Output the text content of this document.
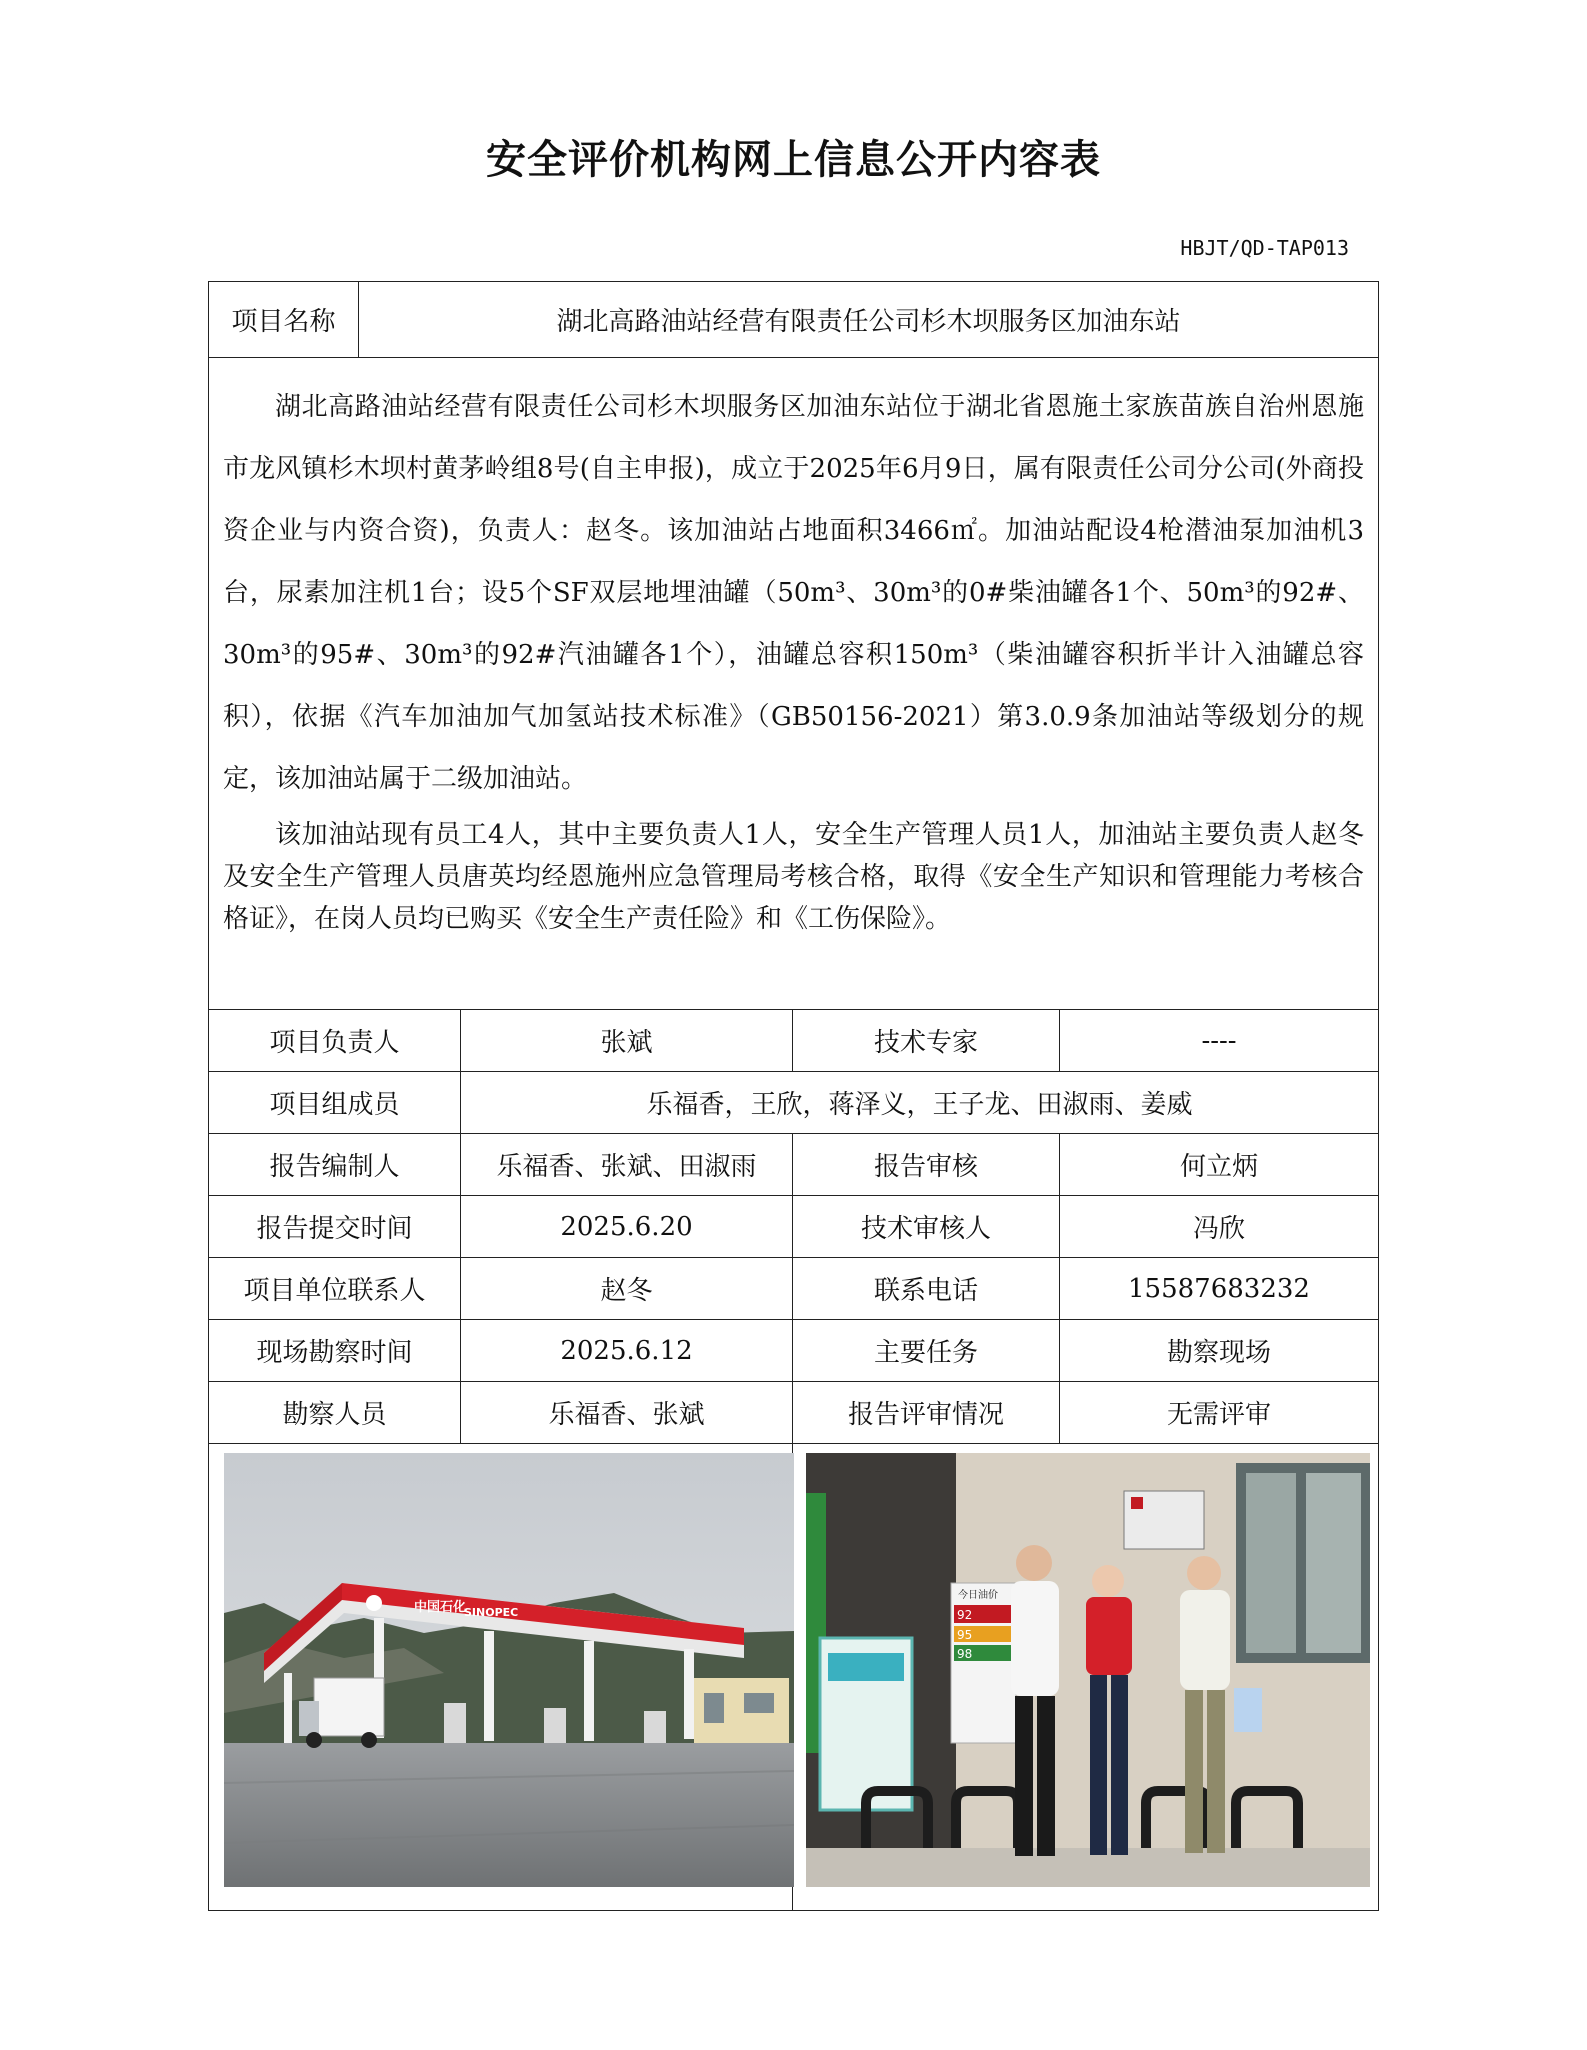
安全评价机构网上信息公开内容表
HBJT/QD-TAP013
项目名称	湖北高路油站经营有限责任公司杉木坝服务区加油东站			

湖北高路油站经营有限责任公司杉木坝服务区加油东站位于湖北省恩施土家族苗族自治州恩施市龙风镇杉木坝村黄茅岭组8号(自主申报)，成立于2025年6月9日，属有限责任公司分公司(外商投资企业与内资合资)，负责人：赵冬。该加油站占地面积3466㎡。加油站配设4枪潜油泵加油机3台，尿素加注机1台；设5个SF双层地埋油罐（50m³、30m³的0#柴油罐各1个、50m³的92#、30m³的95#、30m³的92#汽油罐各1个），油罐总容积150m³（柴油罐容积折半计入油罐总容积），依据《汽车加油加气加氢站技术标准》（GB50156-2021）第3.0.9条加油站等级划分的规定，该加油站属于二级加油站。

该加油站现有员工4人，其中主要负责人1人，安全生产管理人员1人，加油站主要负责人赵冬及安全生产管理人员唐英均经恩施州应急管理局考核合格，取得《安全生产知识和管理能力考核合格证》，在岗人员均已购买《安全生产责任险》和《工伤保险》。				

项目负责人		张斌	技术专家	----
项目组成员		乐福香，王欣，蒋泽义，王子龙、田淑雨、姜威		
报告编制人		乐福香、张斌、田淑雨	报告审核	何立炳
报告提交时间		2025.6.20	技术审核人	冯欣
项目单位联系人		赵冬	联系电话	15587683232
现场勘察时间		2025.6.12	主要任务	勘察现场
勘察人员		乐福香、张斌	报告评审情况	无需评审

中国石化
SINOPEC
今日油价
92
95
98
